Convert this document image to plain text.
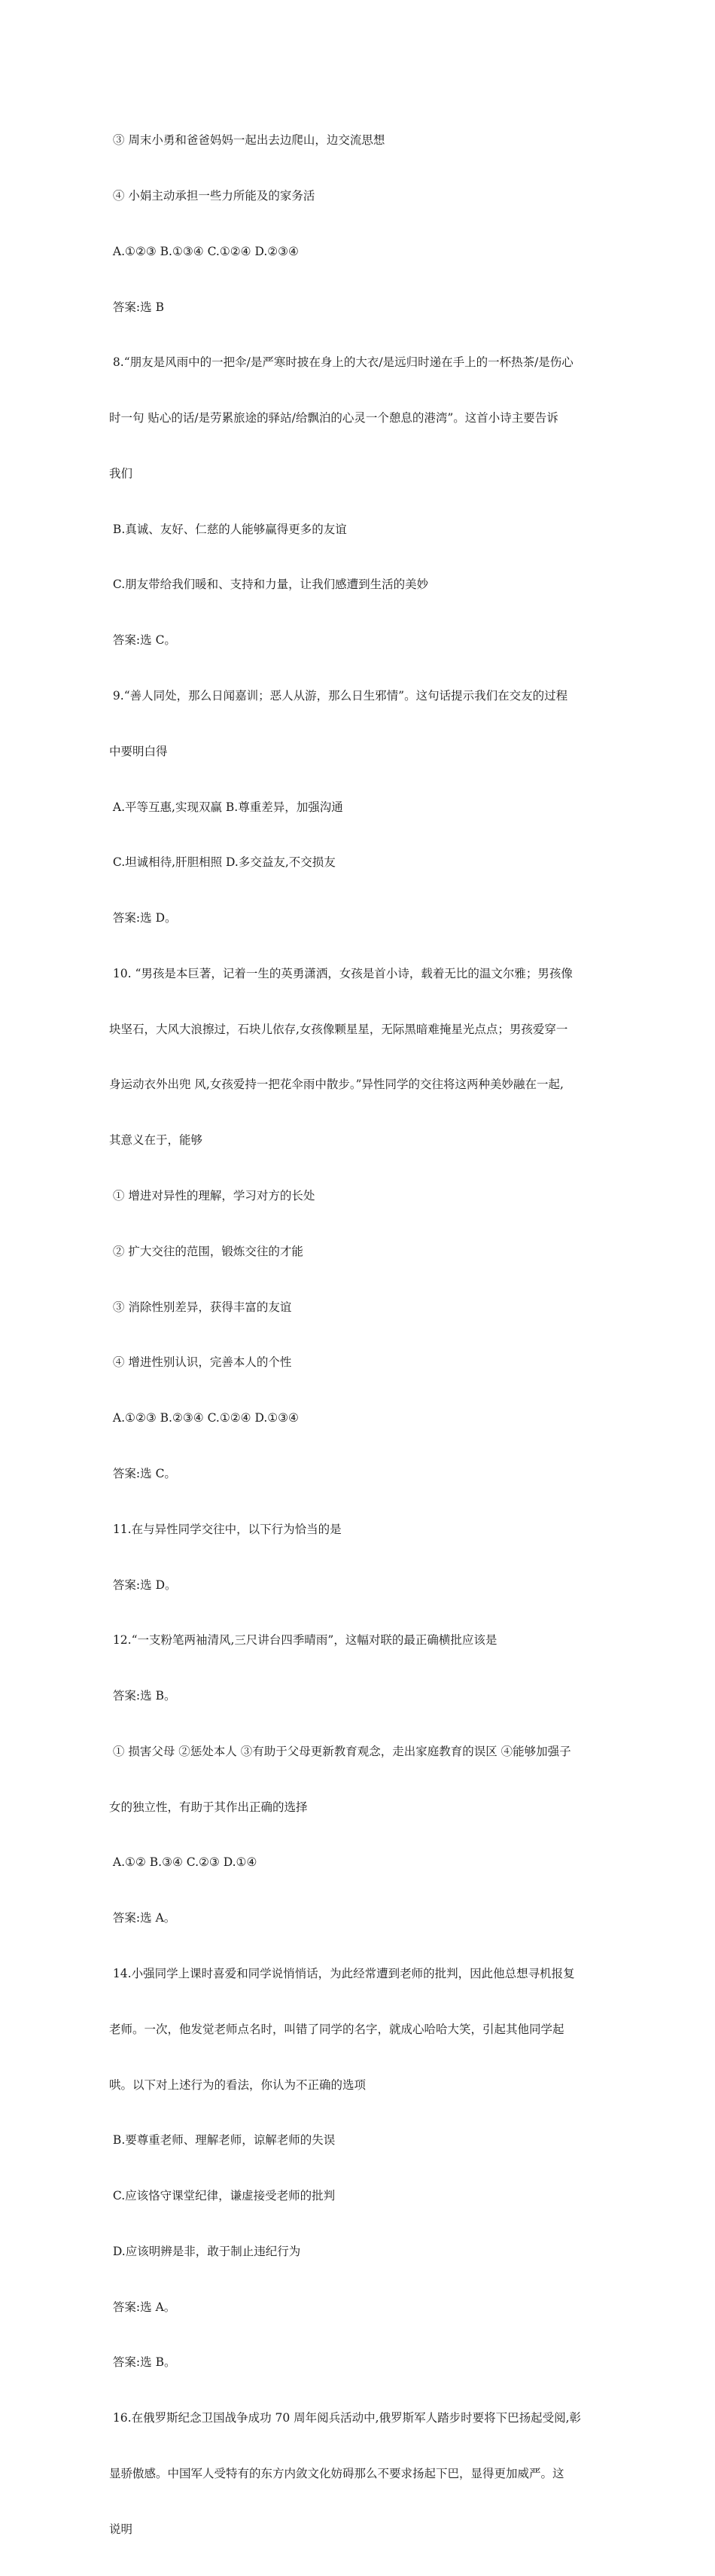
③ 周末小勇和爸爸妈妈一起出去边爬山，边交流思想

④ 小娟主动承担一些力所能及的家务活

A.①②③ B.①③④ C.①②④ D.②③④

答案:选 B

8.“朋友是风雨中的一把伞/是严寒时披在身上的大衣/是远归时递在手上的一杯热茶/是伤心

时一句 贴心的话/是劳累旅途的驿站/给飘泊的心灵一个憩息的港湾”。这首小诗主要告诉

我们

B.真诚、友好、仁慈的人能够赢得更多的友谊

C.朋友带给我们暖和、支持和力量，让我们感遭到生活的美妙

答案:选 C。

9.“善人同处，那么日闻嘉训；恶人从游，那么日生邪情”。这句话提示我们在交友的过程

中要明白得

A.平等互惠,实现双赢 B.尊重差异，加强沟通

C.坦诚相待,肝胆相照 D.多交益友,不交损友

答案:选 D。

10. “男孩是本巨著，记着一生的英勇潇洒，女孩是首小诗，载着无比的温文尔雅；男孩像

块坚石，大风大浪擦过，石块儿依存,女孩像颗星星，无际黑暗难掩星光点点；男孩爱穿一

身运动衣外出兜 风,女孩爱持一把花伞雨中散步。”异性同学的交往将这两种美妙融在一起,

其意义在于，能够

① 增进对异性的理解，学习对方的长处

② 扩大交往的范围，锻炼交往的才能

③ 消除性别差异，获得丰富的友谊

④ 增进性别认识，完善本人的个性

A.①②③ B.②③④ C.①②④ D.①③④

答案:选 C。

11.在与异性同学交往中，以下行为恰当的是

答案:选 D。

12.“一支粉笔两袖清风,三尺讲台四季晴雨”，这幅对联的最正确横批应该是

答案:选 B。

① 损害父母 ②惩处本人 ③有助于父母更新教育观念，走出家庭教育的误区 ④能够加强子

女的独立性，有助于其作出正确的选择

A.①② B.③④ C.②③ D.①④

答案:选 A。

14.小强同学上课时喜爱和同学说悄悄话，为此经常遭到老师的批判，因此他总想寻机报复

老师。一次，他发觉老师点名时，叫错了同学的名字，就成心哈哈大笑，引起其他同学起

哄。以下对上述行为的看法，你认为不正确的选项

B.要尊重老师、理解老师，谅解老师的失误

C.应该恪守课堂纪律，谦虚接受老师的批判

D.应该明辨是非，敢于制止违纪行为

答案:选 A。

答案:选 B。

16.在俄罗斯纪念卫国战争成功 70 周年阅兵活动中,俄罗斯军人踏步时要将下巴扬起受阅,彰

显骄傲感。中国军人受特有的东方内敛文化妨碍那么不要求扬起下巴，显得更加威严。这

说明
